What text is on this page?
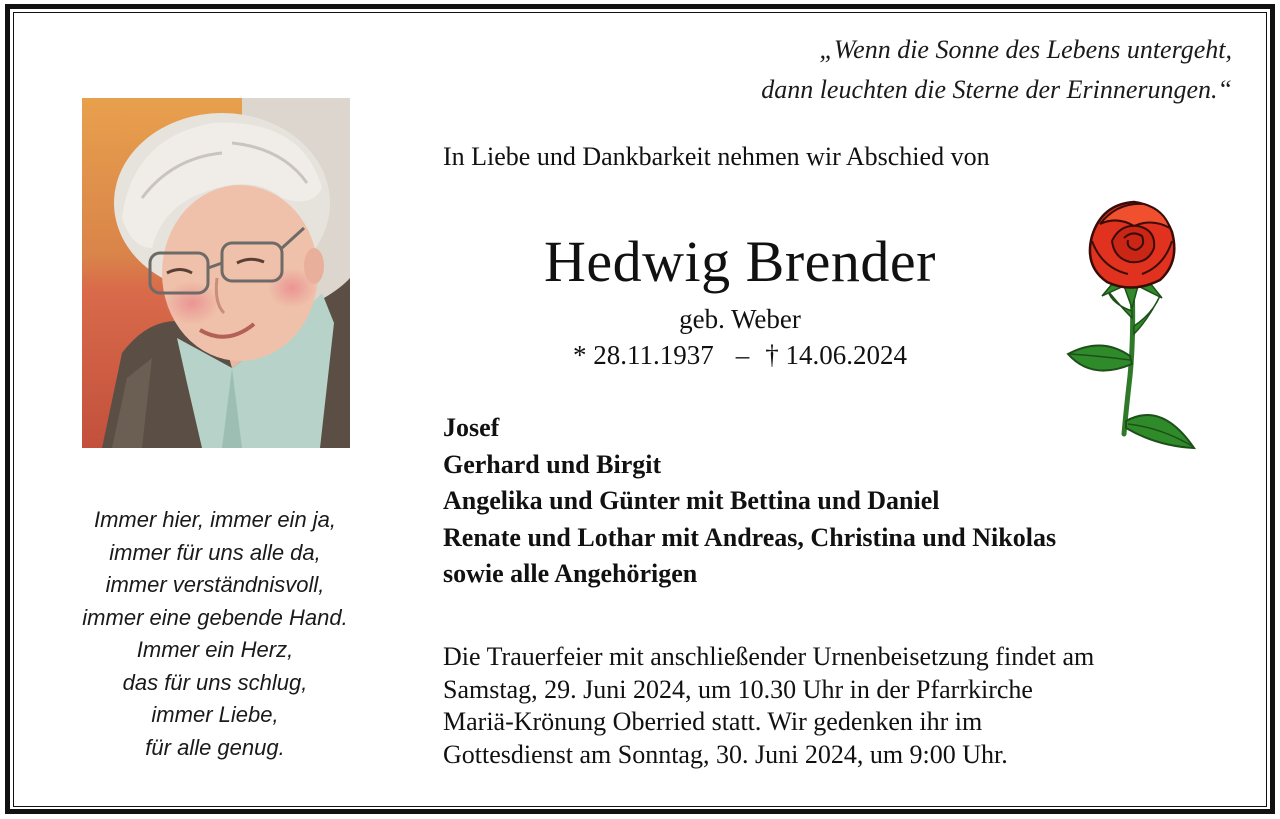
„Wenn die Sonne des Lebens untergeht,
dann leuchten die Sterne der Erinnerungen.“
In Liebe und Dankbarkeit nehmen wir Abschied von
Hedwig Brender
geb. Weber
* 28.11.1937 – † 14.06.2024
Josef
Gerhard und Birgit
Angelika und Günter mit Bettina und Daniel
Renate und Lothar mit Andreas, Christina und Nikolas
sowie alle Angehörigen
Immer hier, immer ein ja,
immer für uns alle da,
immer verständnisvoll,
immer eine gebende Hand.
Immer ein Herz,
das für uns schlug,
immer Liebe,
für alle genug.
Die Trauerfeier mit anschließender Urnenbeisetzung findet am
Samstag, 29. Juni 2024, um 10.30 Uhr in der Pfarrkirche
Mariä-Krönung Oberried statt. Wir gedenken ihr im
Gottesdienst am Sonntag, 30. Juni 2024, um 9:00 Uhr.
